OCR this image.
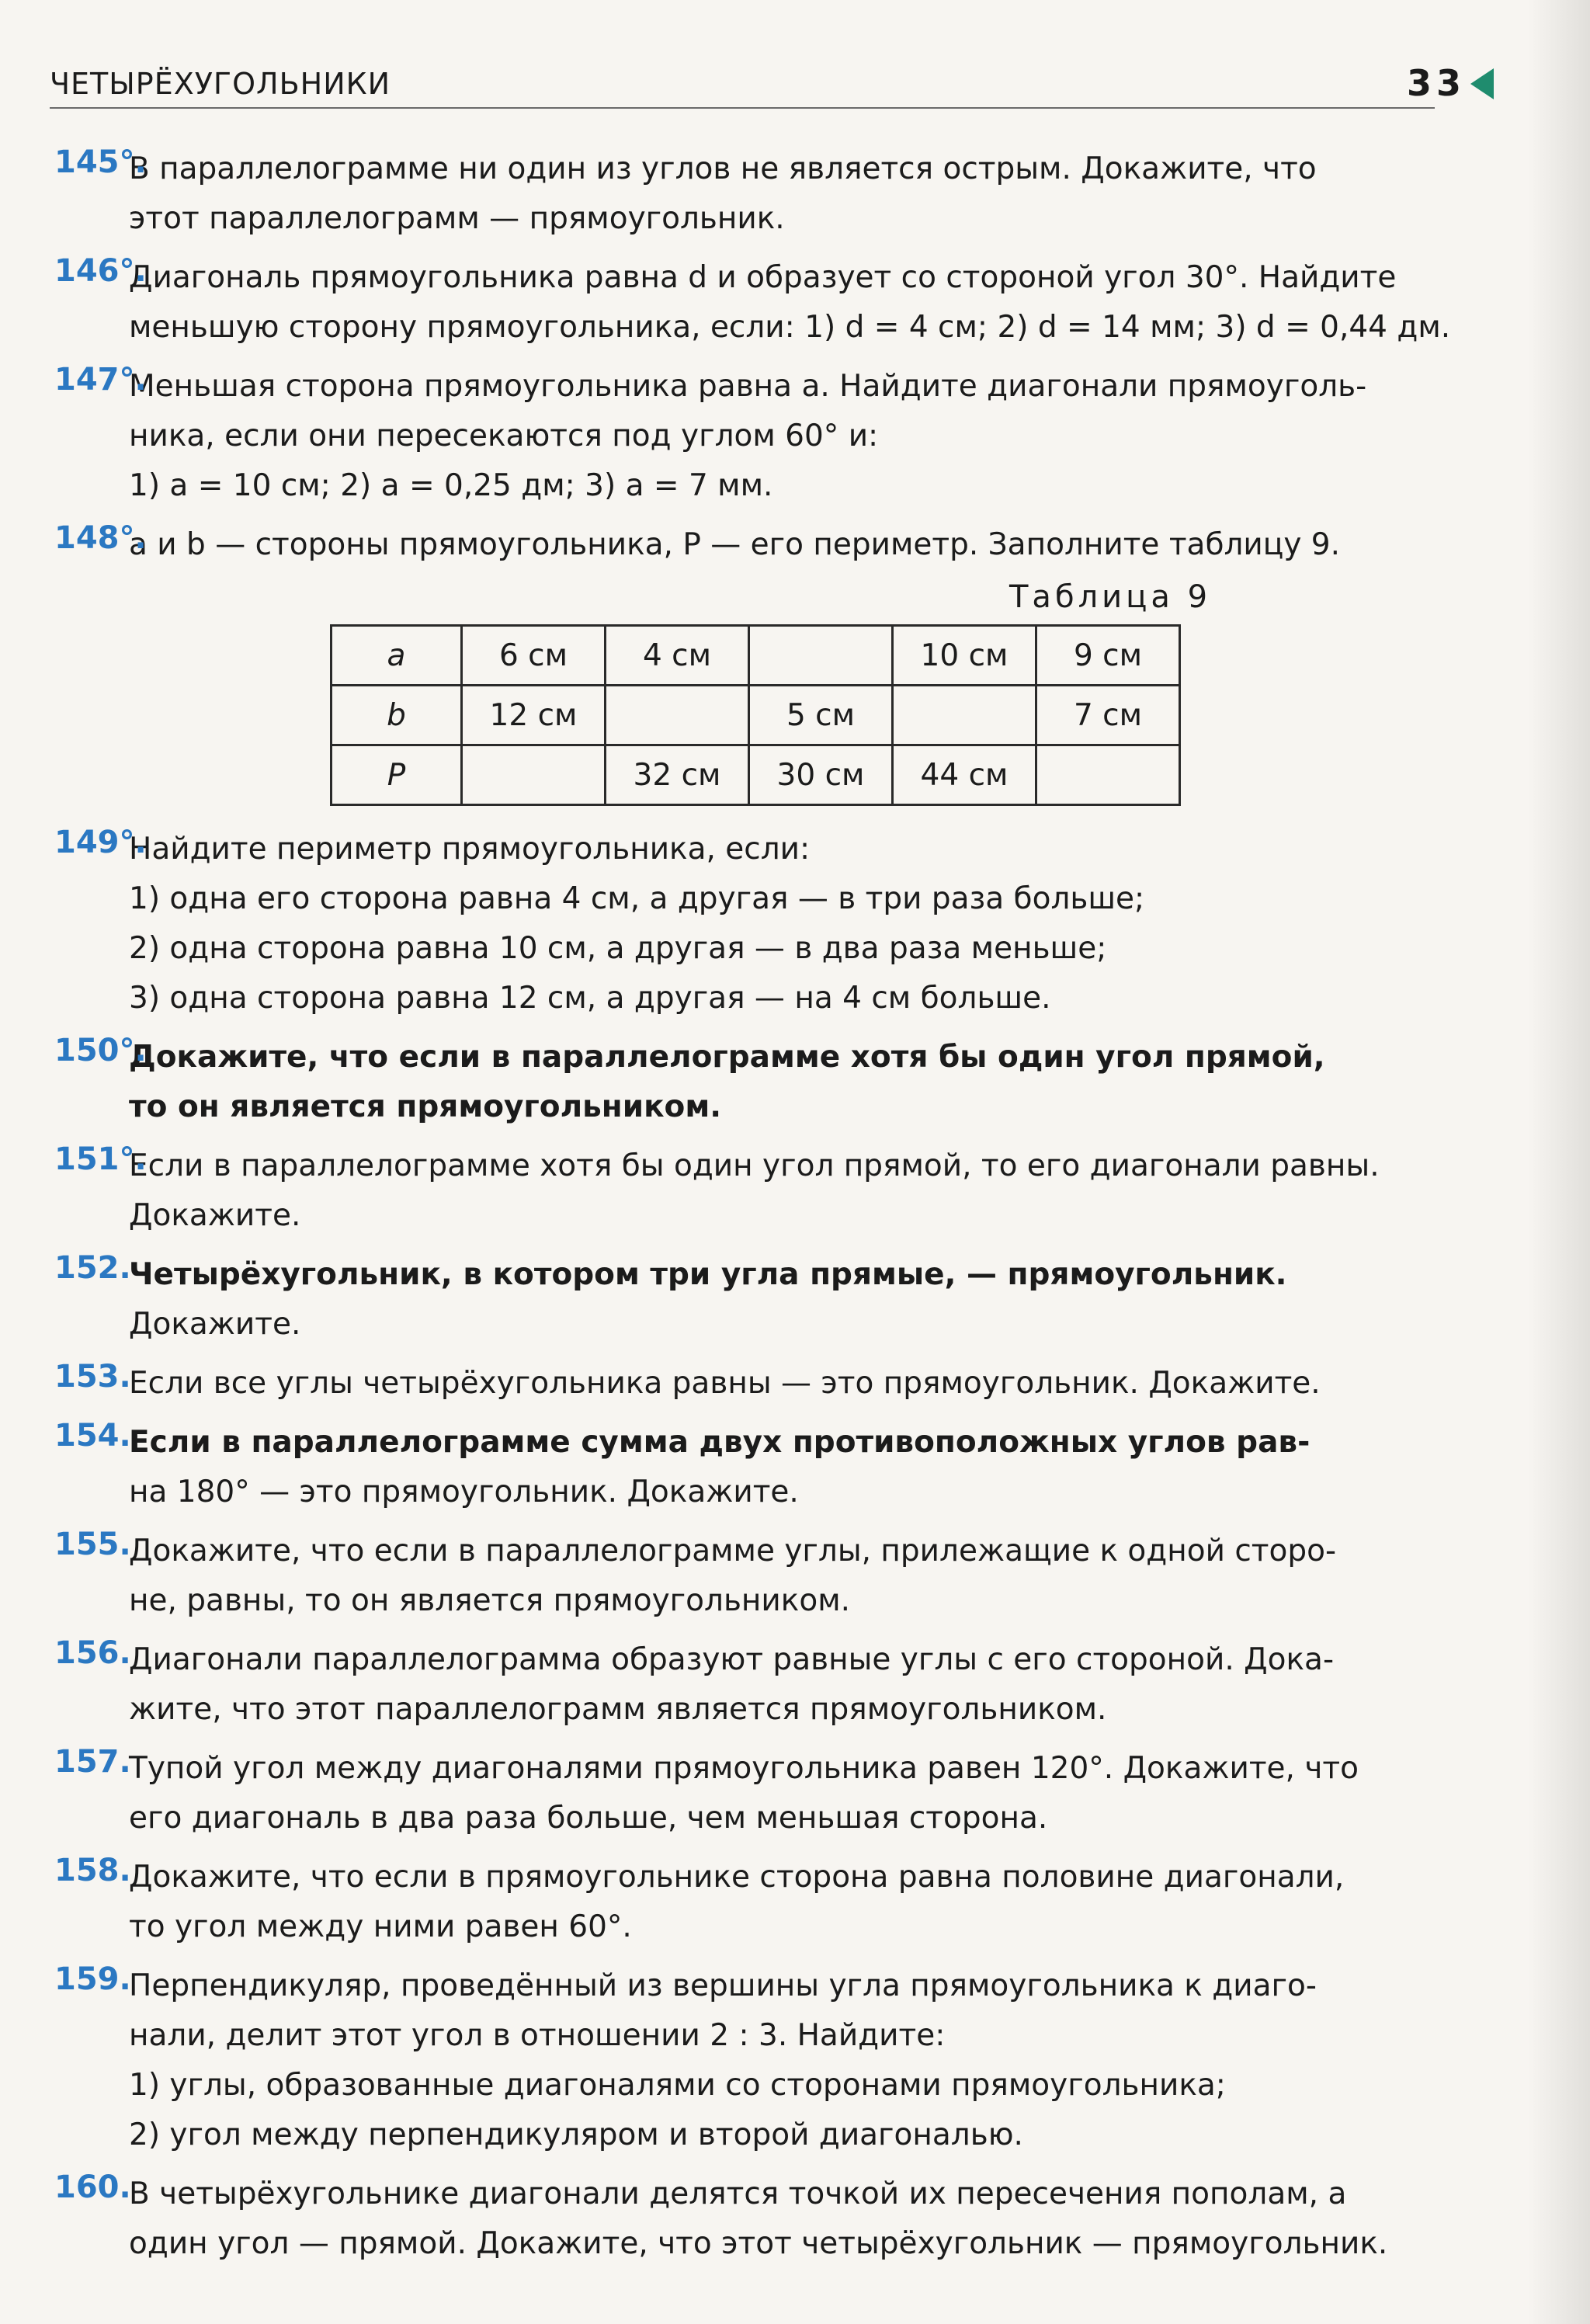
ЧЕТЫРЁХУГОЛЬНИКИ	33
145°.
В параллелограмме ни один из углов не является острым. Докажите, что
этот параллелограмм — прямоугольник.
146°.
Диагональ прямоугольника равна d и образует со стороной угол 30°. Найдите
меньшую сторону прямоугольника, если: 1) d = 4 см; 2) d = 14 мм; 3) d = 0,44 дм.
147°.
Меньшая сторона прямоугольника равна a. Найдите диагонали прямоуголь-
ника, если они пересекаются под углом 60° и:
1) a = 10 см; 2) a = 0,25 дм; 3) a = 7 мм.
148°.
a и b — стороны прямоугольника, P — его периметр. Заполните таблицу 9.
Таблица 9
a	6 см	4 см		10 см	9 см
b	12 см		5 см		7 см
P		32 см	30 см	44 см	
149°.
Найдите периметр прямоугольника, если:
1) одна его сторона равна 4 см, а другая — в три раза больше;
2) одна сторона равна 10 см, а другая — в два раза меньше;
3) одна сторона равна 12 см, а другая — на 4 см больше.
150°.
Докажите, что если в параллелограмме хотя бы один угол прямой,
то он является прямоугольником.
151°.
Если в параллелограмме хотя бы один угол прямой, то его диагонали равны.
Докажите.
152.
Четырёхугольник, в котором три угла прямые, — прямоугольник.
Докажите.
153.
Если все углы четырёхугольника равны — это прямоугольник. Докажите.
154.
Если в параллелограмме сумма двух противоположных углов рав-
на 180° — это прямоугольник. Докажите.
155.
Докажите, что если в параллелограмме углы, прилежащие к одной сторо-
не, равны, то он является прямоугольником.
156.
Диагонали параллелограмма образуют равные углы с его стороной. Дока-
жите, что этот параллелограмм является прямоугольником.
157.
Тупой угол между диагоналями прямоугольника равен 120°. Докажите, что
его диагональ в два раза больше, чем меньшая сторона.
158.
Докажите, что если в прямоугольнике сторона равна половине диагонали,
то угол между ними равен 60°.
159.
Перпендикуляр, проведённый из вершины угла прямоугольника к диаго-
нали, делит этот угол в отношении 2 : 3. Найдите:
1) углы, образованные диагоналями со сторонами прямоугольника;
2) угол между перпендикуляром и второй диагональю.
160.
В четырёхугольнике диагонали делятся точкой их пересечения пополам, а
один угол — прямой. Докажите, что этот четырёхугольник — прямоугольник.
